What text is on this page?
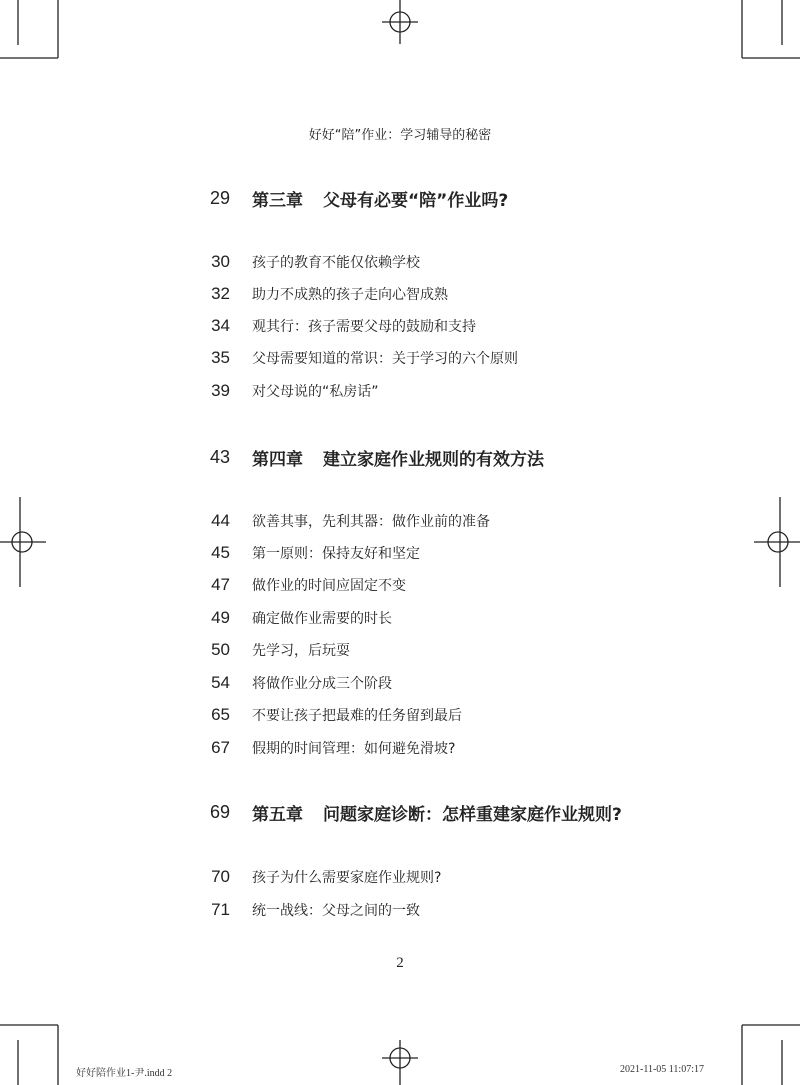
好好“陪”作业：学习辅导的秘密
29 第三章 父母有必要“陪”作业吗?
30 孩子的教育不能仅依赖学校
32 助力不成熟的孩子走向心智成熟
34 观其行：孩子需要父母的鼓励和支持
35 父母需要知道的常识：关于学习的六个原则
39 对父母说的“私房话”
43 第四章 建立家庭作业规则的有效方法
44 欲善其事，先利其器：做作业前的准备
45 第一原则：保持友好和坚定
47 做作业的时间应固定不变
49 确定做作业需要的时长
50 先学习，后玩耍
54 将做作业分成三个阶段
65 不要让孩子把最难的任务留到最后
67 假期的时间管理：如何避免滑坡?
69 第五章 问题家庭诊断：怎样重建家庭作业规则?
70 孩子为什么需要家庭作业规则?
71 统一战线：父母之间的一致
2
好好陪作业1-尹.indd 2	2021-11-05 11:07:17
